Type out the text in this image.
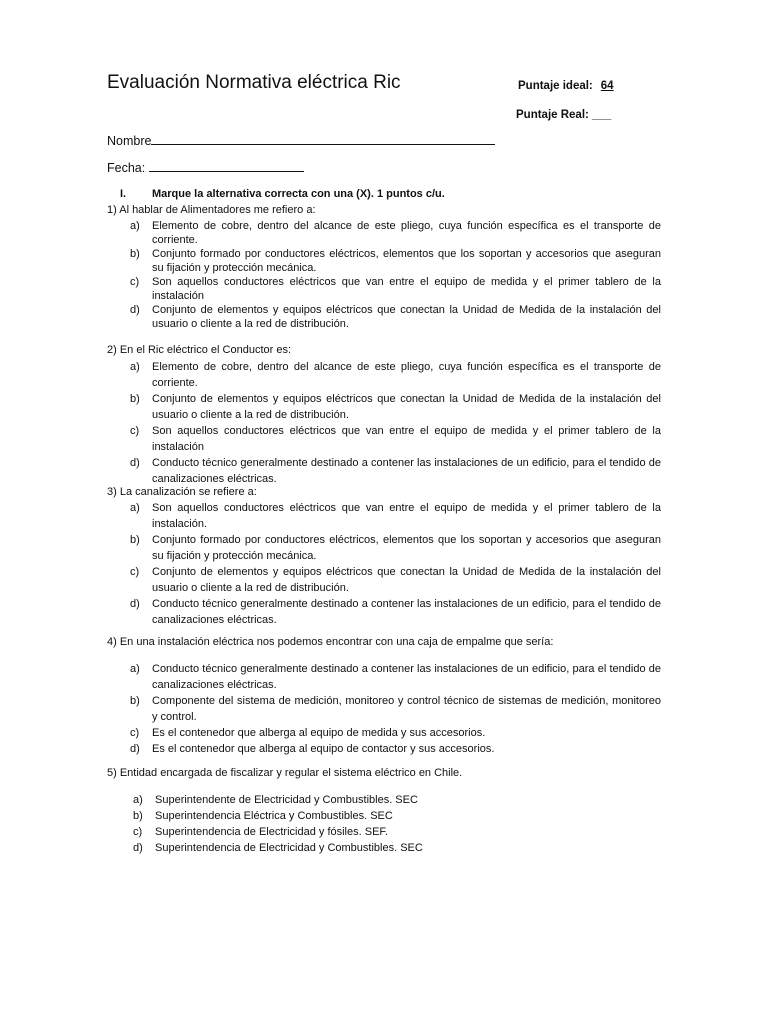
Evaluación Normativa eléctrica Ric	Puntaje ideal: 64
Puntaje Real: ___
Nombre
Fecha:
I. Marque la alternativa correcta con una (X). 1 puntos c/u.
1) Al hablar de Alimentadores me refiero a:
a)	Elemento de cobre, dentro del alcance de este pliego, cuya función específica es el transporte de corriente.
b)	Conjunto formado por conductores eléctricos, elementos que los soportan y accesorios que aseguran su fijación y protección mecánica.
c)	Son aquellos conductores eléctricos que van entre el equipo de medida y el primer tablero de la instalación
d)	Conjunto de elementos y equipos eléctricos que conectan la Unidad de Medida de la instalación del usuario o cliente a la red de distribución.
2) En el Ric eléctrico el Conductor es:
a)	Elemento de cobre, dentro del alcance de este pliego, cuya función específica es el transporte de corriente.
b)	Conjunto de elementos y equipos eléctricos que conectan la Unidad de Medida de la instalación del usuario o cliente a la red de distribución.
c)	Son aquellos conductores eléctricos que van entre el equipo de medida y el primer tablero de la instalación
d)	Conducto técnico generalmente destinado a contener las instalaciones de un edificio, para el tendido de canalizaciones eléctricas.
3) La canalización se refiere a:
a)	Son aquellos conductores eléctricos que van entre el equipo de medida y el primer tablero de la instalación.
b)	Conjunto formado por conductores eléctricos, elementos que los soportan y accesorios que aseguran su fijación y protección mecánica.
c)	Conjunto de elementos y equipos eléctricos que conectan la Unidad de Medida de la instalación del usuario o cliente a la red de distribución.
d)	Conducto técnico generalmente destinado a contener las instalaciones de un edificio, para el tendido de canalizaciones eléctricas.
4) En una instalación eléctrica nos podemos encontrar con una caja de empalme que sería:
a)	Conducto técnico generalmente destinado a contener las instalaciones de un edificio, para el tendido de canalizaciones eléctricas.
b)	Componente del sistema de medición, monitoreo y control técnico de sistemas de medición, monitoreo y control.
c)	Es el contenedor que alberga al equipo de medida y sus accesorios.
d)	Es el contenedor que alberga al equipo de contactor y sus accesorios.
5) Entidad encargada de fiscalizar y regular el sistema eléctrico en Chile.
a)	Superintendente de Electricidad y Combustibles. SEC
b)	Superintendencia Eléctrica y Combustibles. SEC
c)	Superintendencia de Electricidad y fósiles. SEF.
d)	Superintendencia de Electricidad y Combustibles. SEC
